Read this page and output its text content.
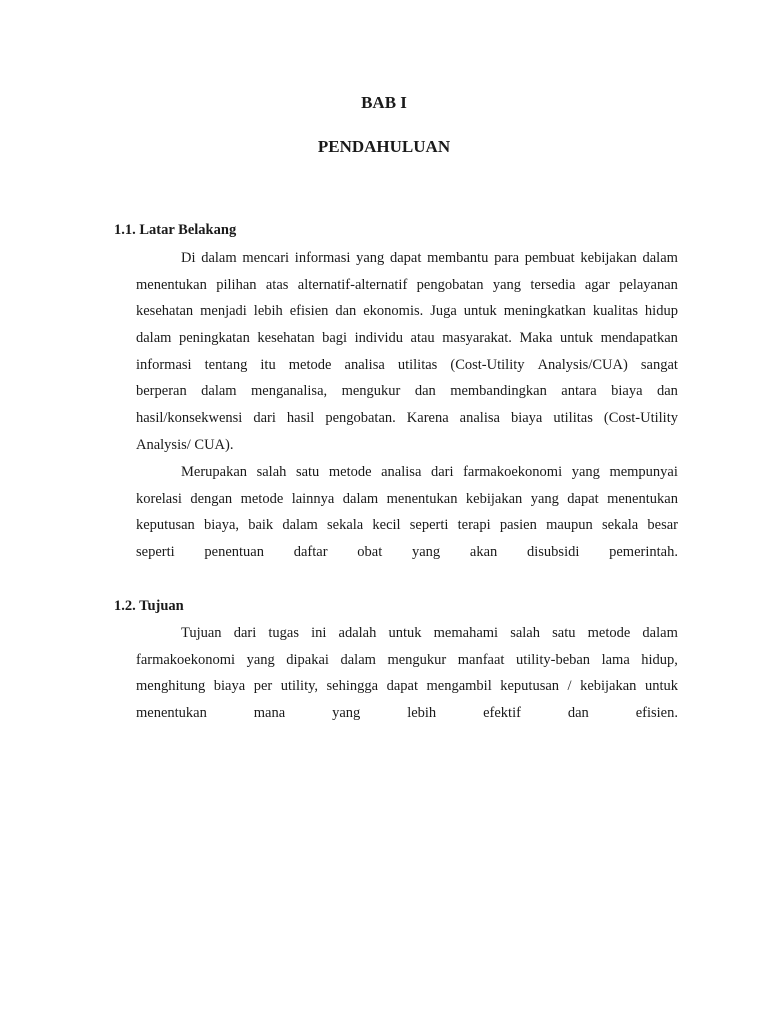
BAB I
PENDAHULUAN
1.1. Latar Belakang
Di dalam mencari informasi yang dapat membantu para pembuat kebijakan dalam
menentukan pilihan atas alternatif-alternatif pengobatan yang tersedia agar pelayanan
kesehatan menjadi lebih efisien dan ekonomis. Juga untuk meningkatkan kualitas hidup
dalam peningkatan kesehatan bagi individu atau masyarakat. Maka untuk mendapatkan
informasi tentang itu metode analisa utilitas (Cost-Utility Analysis/CUA) sangat
berperan dalam menganalisa, mengukur dan membandingkan antara biaya dan
hasil/konsekwensi dari hasil pengobatan. Karena analisa biaya utilitas (Cost-Utility
Analysis/ CUA).
Merupakan salah satu metode analisa dari farmakoekonomi yang mempunyai
korelasi dengan metode lainnya dalam menentukan kebijakan yang dapat menentukan
keputusan biaya, baik dalam sekala kecil seperti terapi pasien maupun sekala besar
seperti penentuan daftar obat yang akan disubsidi pemerintah.
1.2. Tujuan
Tujuan dari tugas ini adalah untuk memahami salah satu metode dalam
farmakoekonomi yang dipakai dalam mengukur manfaat utility-beban lama hidup,
menghitung biaya per utility, sehingga dapat mengambil keputusan / kebijakan untuk
menentukan	mana	yang	lebih	efektif	dan	efisien.
